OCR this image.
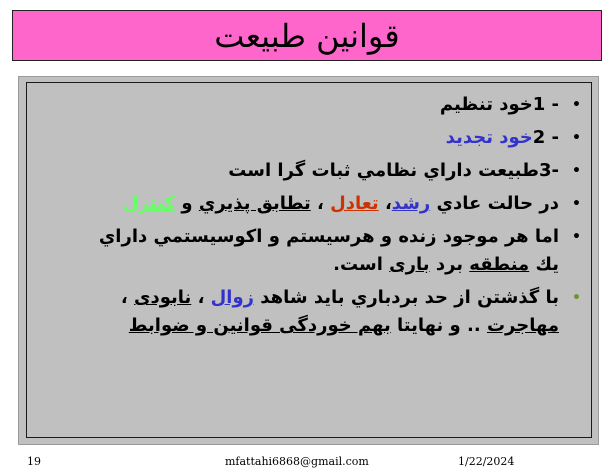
قوانين طبيعت
•
- 1خود تنظيم
•
- 2خود تجديد
•
-3طبيعت داراي نظامي ثبات گرا است
•
در حالت عادي رشد، تعادل ، تطابق پذيري و كنترل
•
اما هر موجود زنده و هرسيستم و اكوسيستمي داراي
يك منطقه برد بارى است.
•
با گذشتن از حد بردباري بايد شاهد زوال ، نابودى ،
مهاجرت .. و نهايتا بهم خوردگى قوانين و ضوابط
19	mfattahi6868@gmail.com	1/22/2024
